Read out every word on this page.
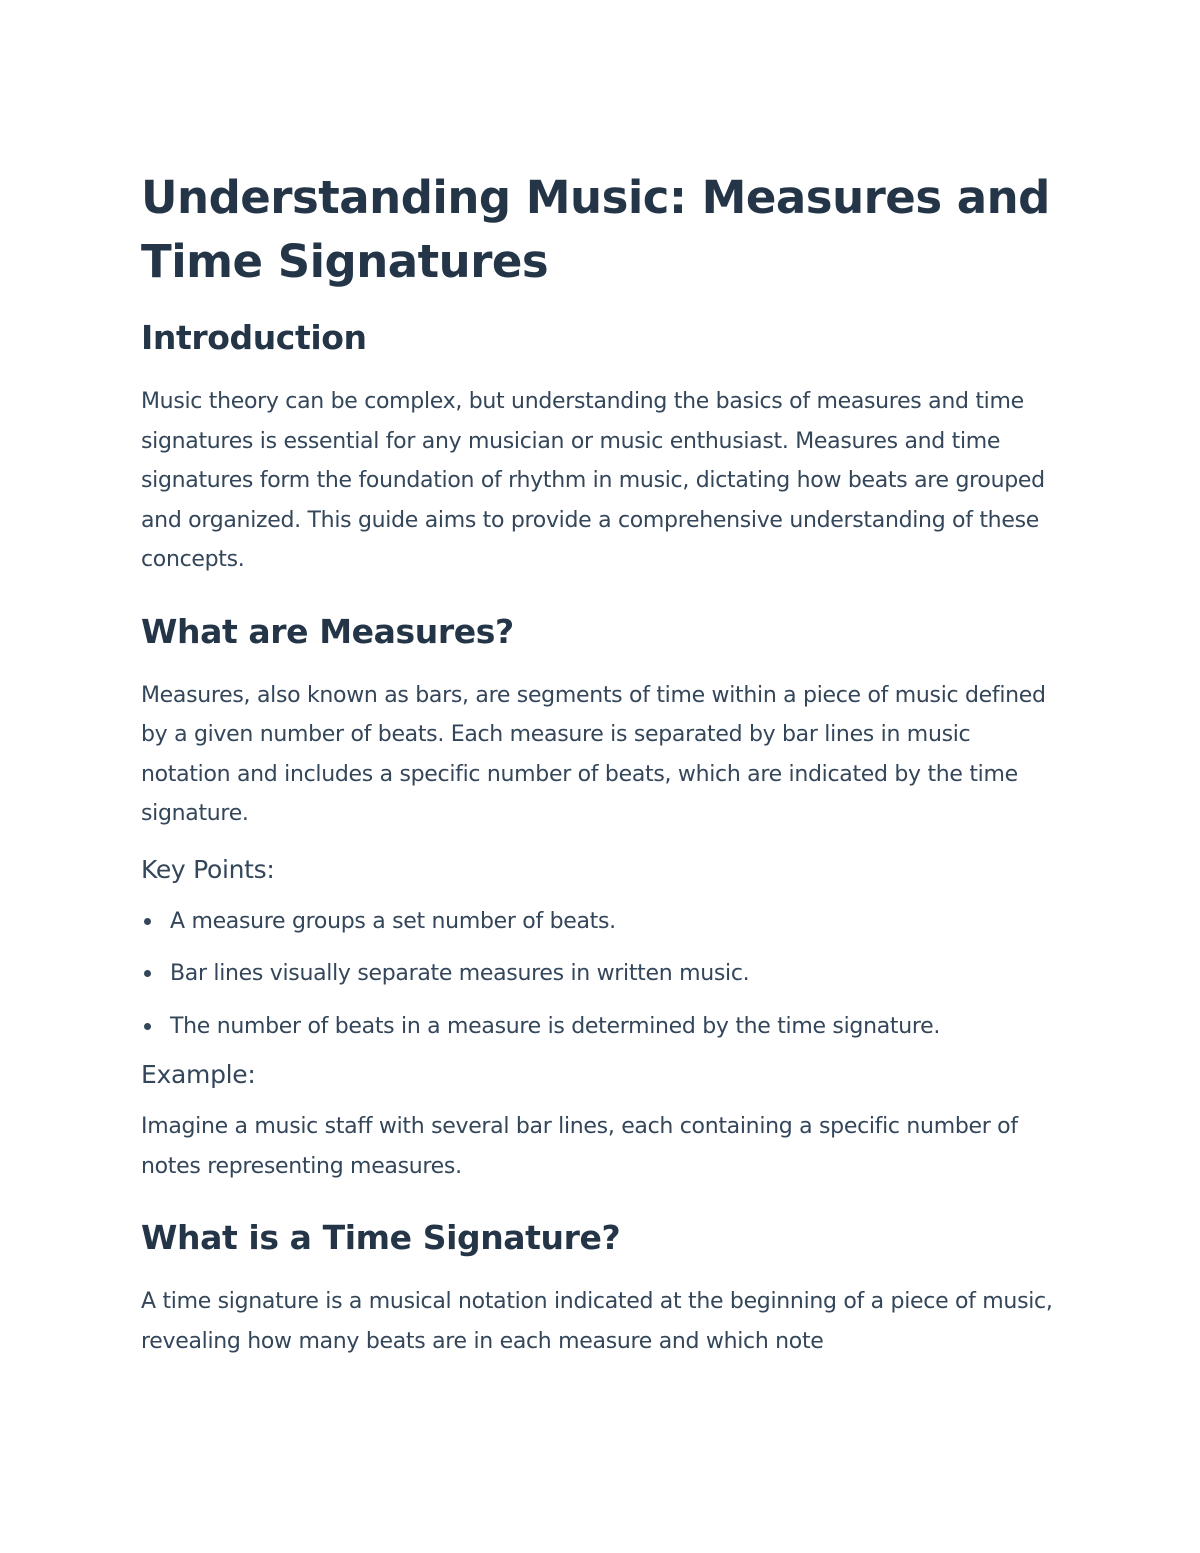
Understanding Music: Measures and Time Signatures
Introduction

Music theory can be complex, but understanding the basics of measures and time signatures is essential for any musician or music enthusiast. Measures and time signatures form the foundation of rhythm in music, dictating how beats are grouped and organized. This guide aims to provide a comprehensive understanding of these concepts.

What are Measures?

Measures, also known as bars, are segments of time within a piece of music defined by a given number of beats. Each measure is separated by bar lines in music notation and includes a specific number of beats, which are indicated by the time signature.

Key Points:
A measure groups a set number of beats.
Bar lines visually separate measures in written music.
The number of beats in a measure is determined by the time signature.
Example:

Imagine a music staff with several bar lines, each containing a specific number of notes representing measures.

What is a Time Signature?

A time signature is a musical notation indicated at the beginning of a piece of music, revealing how many beats are in each measure and which note
